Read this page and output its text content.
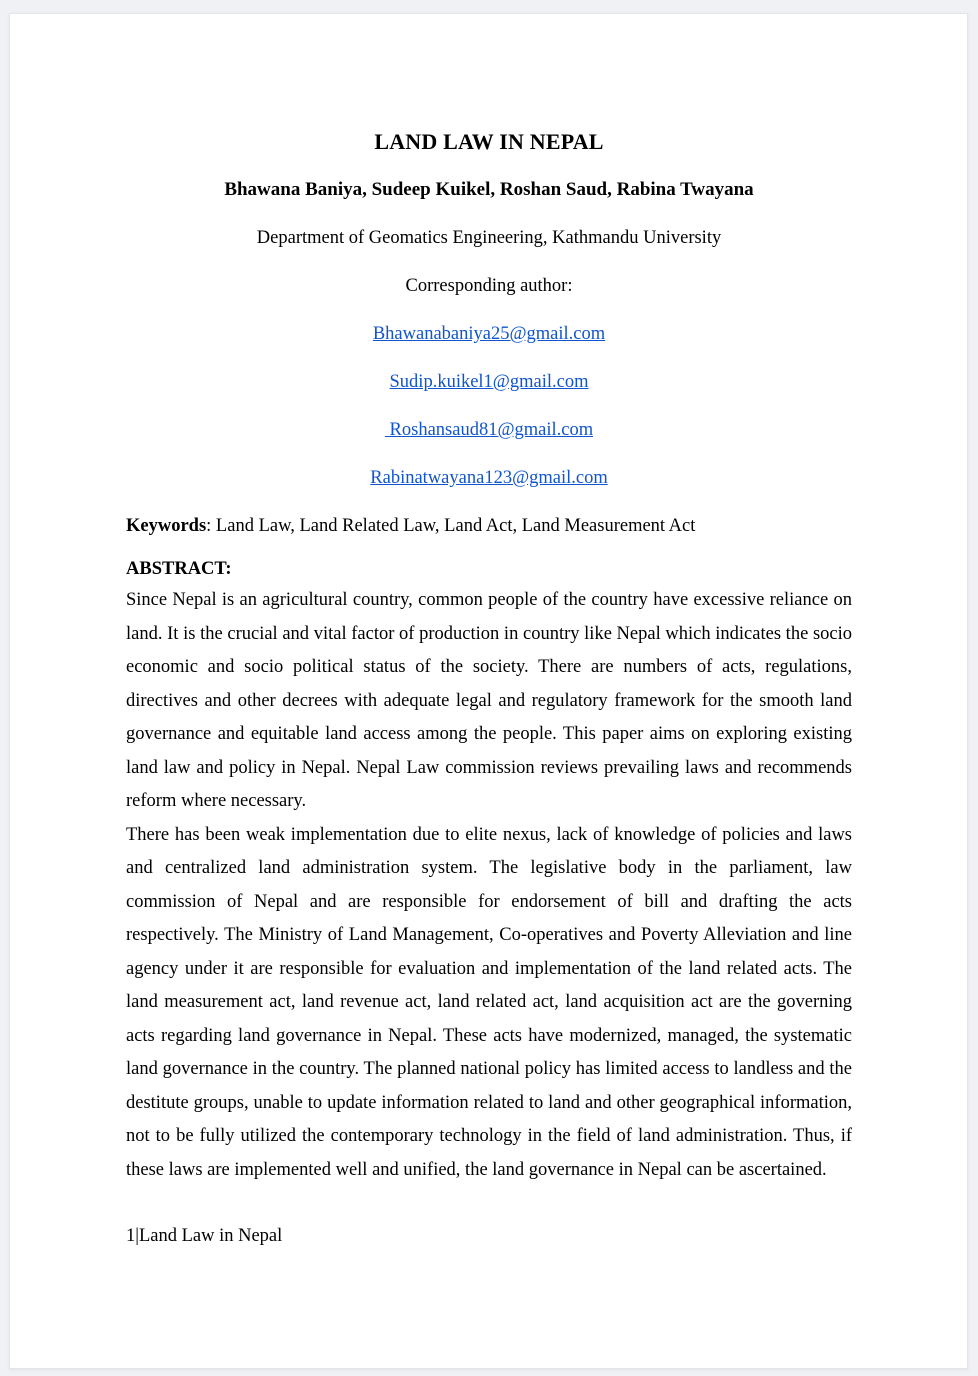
LAND LAW IN NEPAL

Bhawana Baniya, Sudeep Kuikel, Roshan Saud, Rabina Twayana

Department of Geomatics Engineering, Kathmandu University

Corresponding author:

Bhawanabaniya25@gmail.com

Sudip.kuikel1@gmail.com

Roshansaud81@gmail.com

Rabinatwayana123@gmail.com

Keywords: Land Law, Land Related Law, Land Act, Land Measurement Act

ABSTRACT:

Since Nepal is an agricultural country, common people of the country have excessive reliance on land. It is the crucial and vital factor of production in country like Nepal which indicates the socio economic and socio political status of the society. There are numbers of acts, regulations, directives and other decrees with adequate legal and regulatory framework for the smooth land governance and equitable land access among the people. This paper aims on exploring existing land law and policy in Nepal. Nepal Law commission reviews prevailing laws and recommends reform where necessary.

There has been weak implementation due to elite nexus, lack of knowledge of policies and laws and centralized land administration system. The legislative body in the parliament, law commission of Nepal and are responsible for endorsement of bill and drafting the acts respectively. The Ministry of Land Management, Co-operatives and Poverty Alleviation and line agency under it are responsible for evaluation and implementation of the land related acts. The land measurement act, land revenue act, land related act, land acquisition act are the governing acts regarding land governance in Nepal. These acts have modernized, managed, the systematic land governance in the country. The planned national policy has limited access to landless and the destitute groups, unable to update information related to land and other geographical information, not to be fully utilized the contemporary technology in the field of land administration. Thus, if these laws are implemented well and unified, the land governance in Nepal can be ascertained.

1|Land Law in Nepal
